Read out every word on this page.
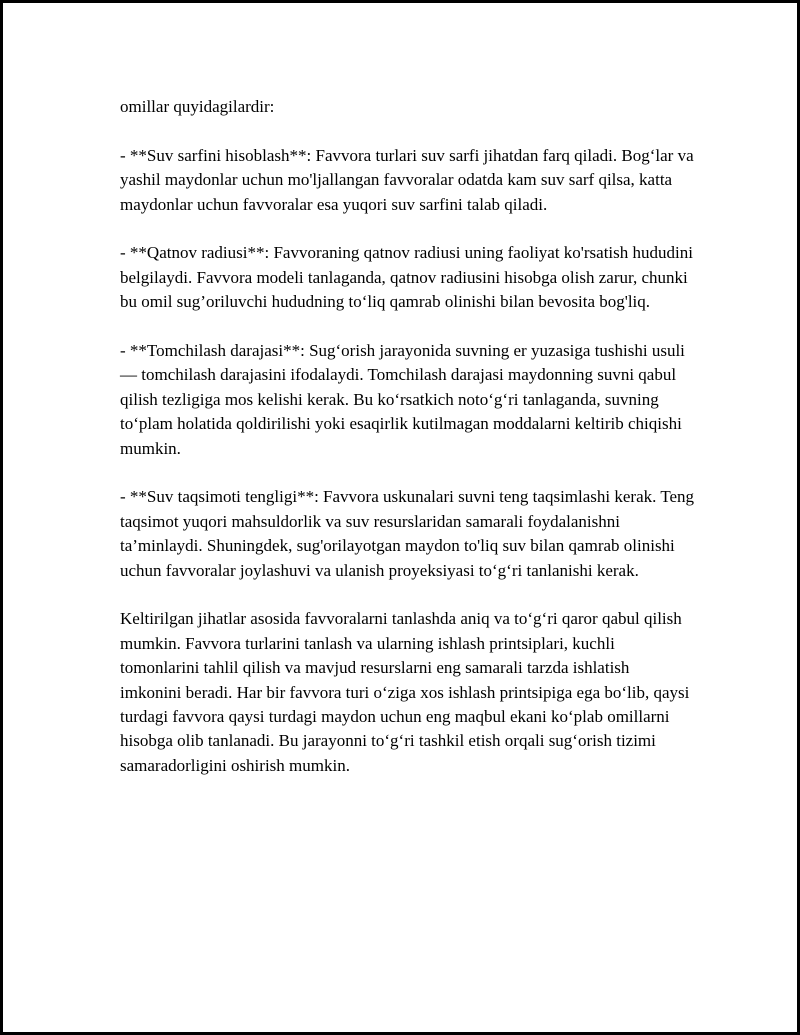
omillar quyidagilardir:

- **Suv sarfini hisoblash**: Favvora turlari suv sarfi jihatdan farq qiladi. Bog‘lar va yashil maydonlar uchun mo'ljallangan favvoralar odatda kam suv sarf qilsa, katta maydonlar uchun favvoralar esa yuqori suv sarfini talab qiladi.

- **Qatnov radiusi**: Favvoraning qatnov radiusi uning faoliyat ko'rsatish hududini belgilaydi. Favvora modeli tanlaganda, qatnov radiusini hisobga olish zarur, chunki bu omil sug’oriluvchi hududning to‘liq qamrab olinishi bilan bevosita bog'liq.

- **Tomchilash darajasi**: Sug‘orish jarayonida suvning er yuzasiga tushishi usuli — tomchilash darajasini ifodalaydi. Tomchilash darajasi maydonning suvni qabul qilish tezligiga mos kelishi kerak. Bu ko‘rsatkich noto‘g‘ri tanlaganda, suvning to‘plam holatida qoldirilishi yoki esaqirlik kutilmagan moddalarni keltirib chiqishi mumkin.

- **Suv taqsimoti tengligi**: Favvora uskunalari suvni teng taqsimlashi kerak. Teng taqsimot yuqori mahsuldorlik va suv resurslaridan samarali foydalanishni ta’minlaydi. Shuningdek, sug'orilayotgan maydon to'liq suv bilan qamrab olinishi uchun favvoralar joylashuvi va ulanish proyeksiyasi to‘g‘ri tanlanishi kerak.

Keltirilgan jihatlar asosida favvoralarni tanlashda aniq va to‘g‘ri qaror qabul qilish mumkin. Favvora turlarini tanlash va ularning ishlash printsiplari, kuchli tomonlarini tahlil qilish va mavjud resurslarni eng samarali tarzda ishlatish imkonini beradi. Har bir favvora turi o‘ziga xos ishlash printsipiga ega bo‘lib, qaysi turdagi favvora qaysi turdagi maydon uchun eng maqbul ekani ko‘plab omillarni hisobga olib tanlanadi. Bu jarayonni to‘g‘ri tashkil etish orqali sug‘orish tizimi samaradorligini oshirish mumkin.
